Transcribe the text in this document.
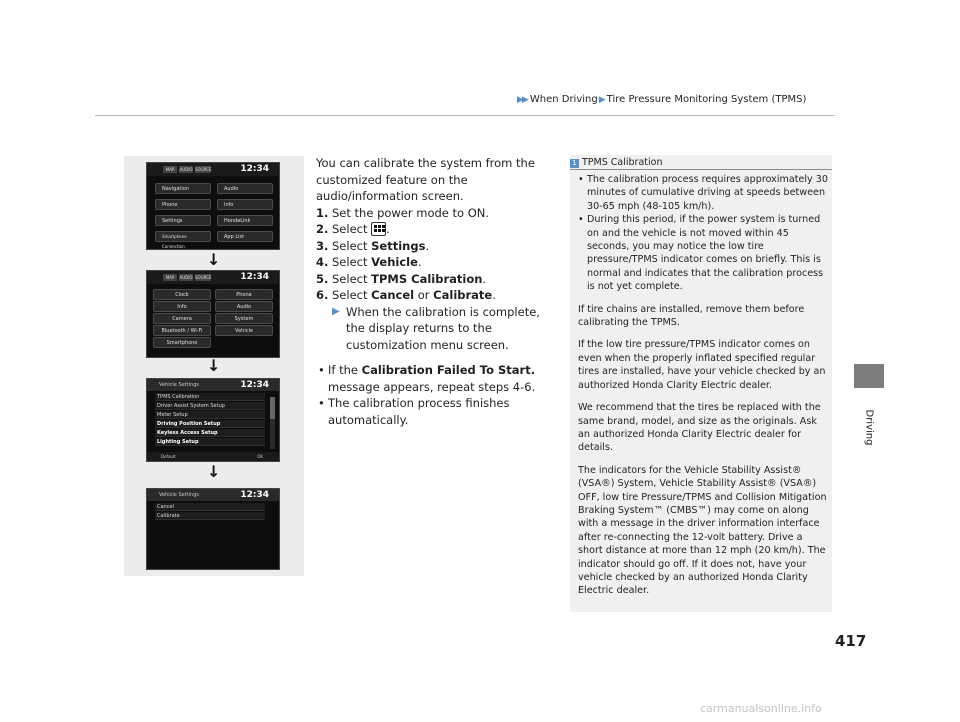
▶▶ When Driving▶Tire Pressure Monitoring System (TPMS)
Driving
MAP	AUDIO SOURCE	12:34
Navigation	Audio
Phone	Info
Settings	HondaLink
Smartphone Connection
App List
↓
MAP	AUDIO SOURCE	12:34
Clock	Phone
Info	Audio
Camera	System
Bluetooth / Wi-Fi	Vehicle
Smartphone
↓
Vehicle Settings	12:34
TPMS Calibration
Driver Assist System Setup
Meter Setup
Driving Position Setup
Keyless Access Setup
Lighting Setup
Default	OK
↓
Vehicle Settings	12:34
Cancel
Calibrate

You can calibrate the system from the customized feature on the audio/information screen.

1. Set the power mode to ON.
2. Select .
3. Select Settings.
4. Select Vehicle.
5. Select TPMS Calibration.
6. Select Cancel or Calibrate.
▶ When the calibration is complete, the display returns to the customization menu screen.
• If the Calibration Failed To Start. message appears, repeat steps 4-6.
• The calibration process finishes automatically.
1 TPMS Calibration
• The calibration process requires approximately 30 minutes of cumulative driving at speeds between 30-65 mph (48-105 km/h).
• During this period, if the power system is turned on and the vehicle is not moved within 45 seconds, you may notice the low tire pressure/TPMS indicator comes on briefly. This is normal and indicates that the calibration process is not yet complete.

If tire chains are installed, remove them before calibrating the TPMS.

If the low tire pressure/TPMS indicator comes on even when the properly inflated specified regular tires are installed, have your vehicle checked by an authorized Honda Clarity Electric dealer.

We recommend that the tires be replaced with the same brand, model, and size as the originals. Ask an authorized Honda Clarity Electric dealer for details.

The indicators for the Vehicle Stability Assist® (VSA®) System, Vehicle Stability Assist® (VSA®) OFF, low tire Pressure/TPMS and Collision Mitigation Braking System™ (CMBS™) may come on along with a message in the driver information interface after re-connecting the 12-volt battery. Drive a short distance at more than 12 mph (20 km/h). The indicator should go off. If it does not, have your vehicle checked by an authorized Honda Clarity Electric dealer.

417
carmanualsonline.info
